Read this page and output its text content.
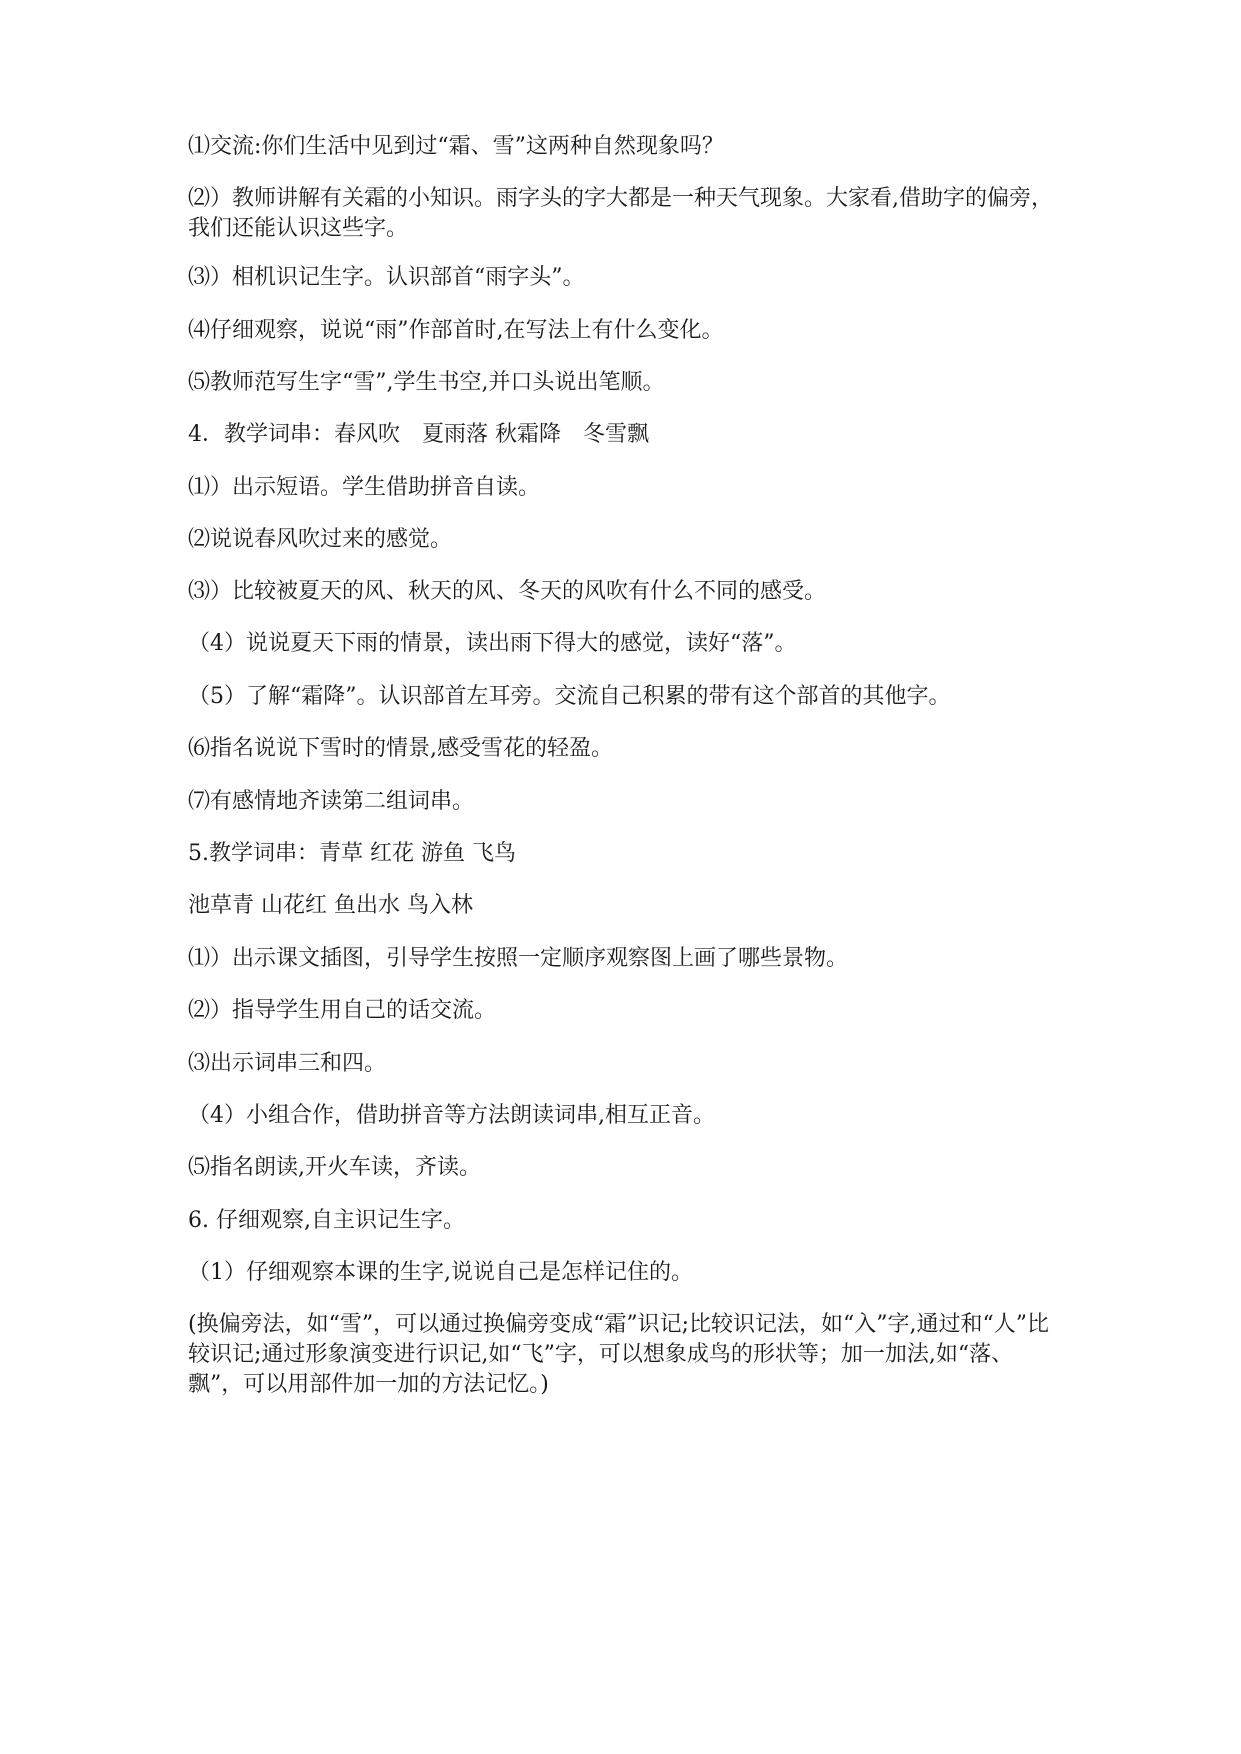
⑴交流:你们生活中见到过“霜、雪”这两种自然现象吗？

⑵）教师讲解有关霜的小知识。雨字头的字大都是一种天气现象。大家看,借助字的偏旁，我们还能认识这些字。

⑶）相机识记生字。认识部首“雨字头”。

⑷仔细观察，说说“雨”作部首时,在写法上有什么变化。

⑸教师范写生字“雪”,学生书空,并口头说出笔顺。

4．教学词串：春风吹　夏雨落 秋霜降　冬雪飘

⑴）出示短语。学生借助拼音自读。

⑵说说春风吹过来的感觉。

⑶）比较被夏天的风、秋天的风、冬天的风吹有什么不同的感受。

（4）说说夏天下雨的情景，读出雨下得大的感觉，读好“落”。

（5）了解“霜降”。认识部首左耳旁。交流自己积累的带有这个部首的其他字。

⑹指名说说下雪时的情景,感受雪花的轻盈。

⑺有感情地齐读第二组词串。

5.教学词串：青草 红花 游鱼 飞鸟

池草青 山花红 鱼出水 鸟入林

⑴）出示课文插图，引导学生按照一定顺序观察图上画了哪些景物。

⑵）指导学生用自己的话交流。

⑶出示词串三和四。

（4）小组合作，借助拼音等方法朗读词串,相互正音。

⑸指名朗读,开火车读，齐读。

6. 仔细观察,自主识记生字。

（1）仔细观察本课的生字,说说自己是怎样记住的。

(换偏旁法，如“雪”，可以通过换偏旁变成“霜”识记;比较识记法，如“入”字,通过和“人”比较识记;通过形象演变进行识记,如“飞”字，可以想象成鸟的形状等；加一加法,如“落、飘”，可以用部件加一加的方法记忆。)
